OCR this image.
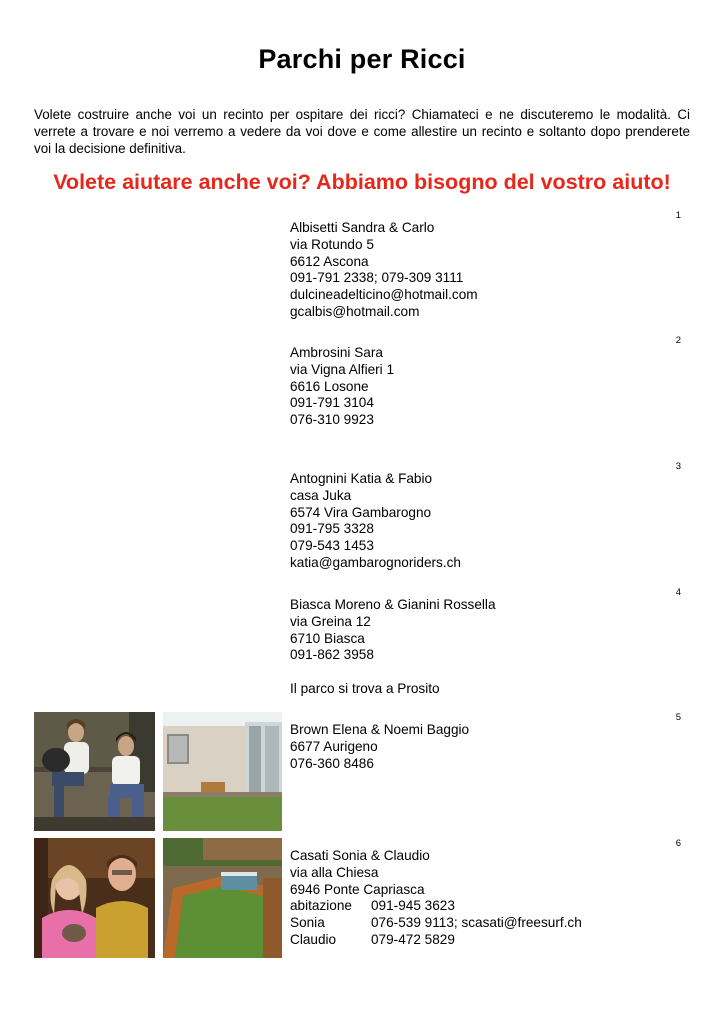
Parchi per Ricci

Volete costruire anche voi un recinto per ospitare dei ricci? Chiamateci e ne discuteremo le modalità. Ci verrete a trovare e noi verremo a vedere da voi dove e come allestire un recinto e soltanto dopo prenderete voi la decisione definitiva.

Volete aiutare anche voi? Abbiamo bisogno del vostro aiuto!
1
Albisetti Sandra & Carlo
via Rotundo 5
6612 Ascona
091-791 2338; 079-309 3111
dulcineadelticino@hotmail.com
gcalbis@hotmail.com
2
Ambrosini Sara
via Vigna Alfieri 1
6616 Losone
091-791 3104
076-310 9923
3
Antognini Katia & Fabio
casa Juka
6574 Vira Gambarogno
091-795 3328
079-543 1453
katia@gambarognoriders.ch
4
Biasca Moreno & Gianini Rossella
via Greina 12
6710 Biasca
091-862 3958
Il parco si trova a Prosito
5
Brown Elena & Noemi Baggio
6677 Aurigeno
076-360 8486
6
Casati Sonia & Claudio
via alla Chiesa
6946 Ponte Capriasca
abitazione	091-945 3623
Sonia	076-539 9113; scasati@freesurf.ch
Claudio	079-472 5829
